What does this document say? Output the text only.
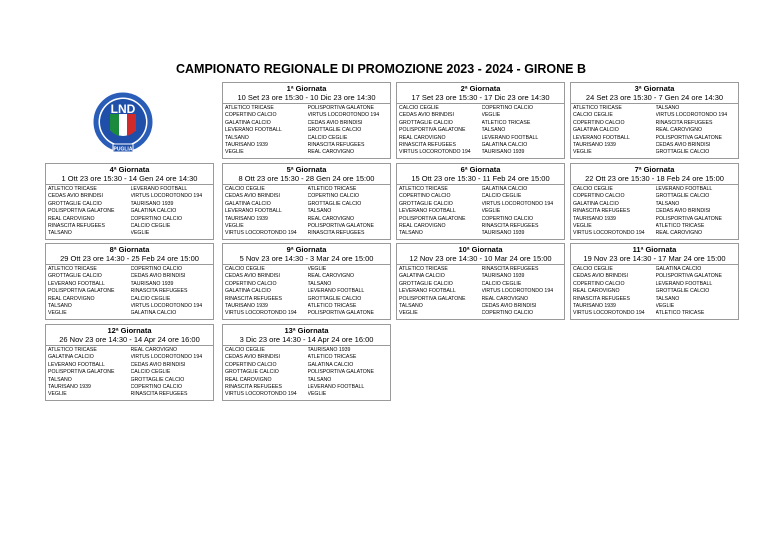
CAMPIONATO REGIONALE DI PROMOZIONE 2023 - 2024 - GIRONE B
LND
PUGLIA
1ª Giornata
10 Set 23 ore 15:30 - 10 Dic 23 ore 14:30
ATLETICO TRICASE	POLISPORTIVA GALATONE
COPERTINO CALCIO	VIRTUS LOCOROTONDO 194
GALATINA CALCIO	CEDAS AVIO BRINDISI
LEVERANO FOOTBALL	GROTTAGLIE CALCIO
TALSANO	CALCIO CEGLIE
TAURISANO 1939	RINASCITA REFUGEES
VEGLIE	REAL CAROVIGNO
2ª Giornata
17 Set 23 ore 15:30 - 17 Dic 23 ore 14:30
CALCIO CEGLIE	COPERTINO CALCIO
CEDAS AVIO BRINDISI	VEGLIE
GROTTAGLIE CALCIO	ATLETICO TRICASE
POLISPORTIVA GALATONE	TALSANO
REAL CAROVIGNO	LEVERANO FOOTBALL
RINASCITA REFUGEES	GALATINA CALCIO
VIRTUS LOCOROTONDO 194	TAURISANO 1939
3ª Giornata
24 Set 23 ore 15:30 - 7 Gen 24 ore 14:30
ATLETICO TRICASE	TALSANO
CALCIO CEGLIE	VIRTUS LOCOROTONDO 194
COPERTINO CALCIO	RINASCITA REFUGEES
GALATINA CALCIO	REAL CAROVIGNO
LEVERANO FOOTBALL	POLISPORTIVA GALATONE
TAURISANO 1939	CEDAS AVIO BRINDISI
VEGLIE	GROTTAGLIE CALCIO
4ª Giornata
1 Ott 23 ore 15:30 - 14 Gen 24 ore 14:30
ATLETICO TRICASE	LEVERANO FOOTBALL
CEDAS AVIO BRINDISI	VIRTUS LOCOROTONDO 194
GROTTAGLIE CALCIO	TAURISANO 1939
POLISPORTIVA GALATONE	GALATINA CALCIO
REAL CAROVIGNO	COPERTINO CALCIO
RINASCITA REFUGEES	CALCIO CEGLIE
TALSANO	VEGLIE
5ª Giornata
8 Ott 23 ore 15:30 - 28 Gen 24 ore 15:00
CALCIO CEGLIE	ATLETICO TRICASE
CEDAS AVIO BRINDISI	COPERTINO CALCIO
GALATINA CALCIO	GROTTAGLIE CALCIO
LEVERANO FOOTBALL	TALSANO
TAURISANO 1939	REAL CAROVIGNO
VEGLIE	POLISPORTIVA GALATONE
VIRTUS LOCOROTONDO 194	RINASCITA REFUGEES
6ª Giornata
15 Ott 23 ore 15:30 - 11 Feb 24 ore 15:00
ATLETICO TRICASE	GALATINA CALCIO
COPERTINO CALCIO	CALCIO CEGLIE
GROTTAGLIE CALCIO	VIRTUS LOCOROTONDO 194
LEVERANO FOOTBALL	VEGLIE
POLISPORTIVA GALATONE	COPERTINO CALCIO
REAL CAROVIGNO	RINASCITA REFUGEES
TALSANO	TAURISANO 1939
7ª Giornata
22 Ott 23 ore 15:30 - 18 Feb 24 ore 15:00
CALCIO CEGLIE	LEVERANO FOOTBALL
COPERTINO CALCIO	GROTTAGLIE CALCIO
GALATINA CALCIO	TALSANO
RINASCITA REFUGEES	CEDAS AVIO BRINDISI
TAURISANO 1939	POLISPORTIVA GALATONE
VEGLIE	ATLETICO TRICASE
VIRTUS LOCOROTONDO 194	REAL CAROVIGNO
8ª Giornata
29 Ott 23 ore 14:30 - 25 Feb 24 ore 15:00
ATLETICO TRICASE	COPERTINO CALCIO
GROTTAGLIE CALCIO	CEDAS AVIO BRINDISI
LEVERANO FOOTBALL	TAURISANO 1939
POLISPORTIVA GALATONE	RINASCITA REFUGEES
REAL CAROVIGNO	CALCIO CEGLIE
TALSANO	VIRTUS LOCOROTONDO 194
VEGLIE	GALATINA CALCIO
9ª Giornata
5 Nov 23 ore 14:30 - 3 Mar 24 ore 15:00
CALCIO CEGLIE	VEGLIE
CEDAS AVIO BRINDISI	REAL CAROVIGNO
COPERTINO CALCIO	TALSANO
GALATINA CALCIO	LEVERANO FOOTBALL
RINASCITA REFUGEES	GROTTAGLIE CALCIO
TAURISANO 1939	ATLETICO TRICASE
VIRTUS LOCOROTONDO 194	POLISPORTIVA GALATONE
10ª Giornata
12 Nov 23 ore 14:30 - 10 Mar 24 ore 15:00
ATLETICO TRICASE	RINASCITA REFUGEES
GALATINA CALCIO	TAURISANO 1939
GROTTAGLIE CALCIO	CALCIO CEGLIE
LEVERANO FOOTBALL	VIRTUS LOCOROTONDO 194
POLISPORTIVA GALATONE	REAL CAROVIGNO
TALSANO	CEDAS AVIO BRINDISI
VEGLIE	COPERTINO CALCIO
11ª Giornata
19 Nov 23 ore 14:30 - 17 Mar 24 ore 15:00
CALCIO CEGLIE	GALATINA CALCIO
CEDAS AVIO BRINDISI	POLISPORTIVA GALATONE
COPERTINO CALCIO	LEVERANO FOOTBALL
REAL CAROVIGNO	GROTTAGLIE CALCIO
RINASCITA REFUGEES	TALSANO
TAURISANO 1939	VEGLIE
VIRTUS LOCOROTONDO 194	ATLETICO TRICASE
12ª Giornata
26 Nov 23 ore 14:30 - 14 Apr 24 ore 16:00
ATLETICO TRICASE	REAL CAROVIGNO
GALATINA CALCIO	VIRTUS LOCOROTONDO 194
LEVERANO FOOTBALL	CEDAS AVIO BRINDISI
POLISPORTIVA GALATONE	CALCIO CEGLIE
TALSANO	GROTTAGLIE CALCIO
TAURISANO 1939	COPERTINO CALCIO
VEGLIE	RINASCITA REFUGEES
13ª Giornata
3 Dic 23 ore 14:30 - 14 Apr 24 ore 16:00
CALCIO CEGLIE	TAURISANO 1939
CEDAS AVIO BRINDISI	ATLETICO TRICASE
COPERTINO CALCIO	GALATINA CALCIO
GROTTAGLIE CALCIO	POLISPORTIVA GALATONE
REAL CAROVIGNO	TALSANO
RINASCITA REFUGEES	LEVERANO FOOTBALL
VIRTUS LOCOROTONDO 194	VEGLIE
